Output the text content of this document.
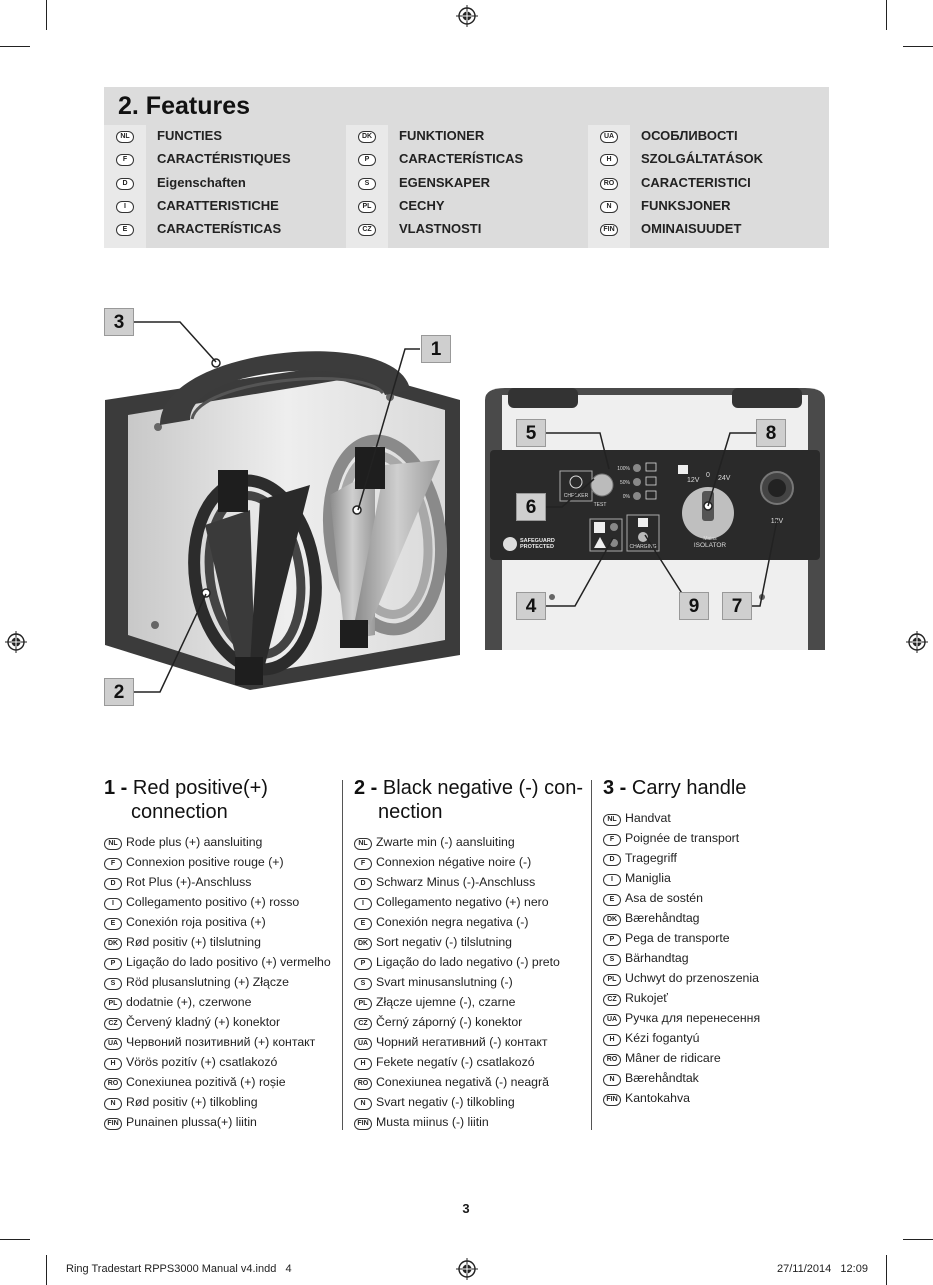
2. Features
NL	FUNCTIES
F	CARACTÉRISTIQUES
D	Eigenschaften
I	CARATTERISTICHE
E	CARACTERÍSTICAS
DK	FUNKTIONER
P	CARACTERÍSTICAS
S	EGENSKAPER
PL	CECHY
CZ	VLASTNOSTI
UA	ОСОБЛИВОСТІ
H	SZOLGÁLTATÁSOK
RO CARACTERISTICI
N	FUNKSJONER
FIN OMINAISUUDET
CHECKER
TEST
100%
50%
0%
SAFEGUARD
PROTECTED	CHARGING
12V
0 24V
Mains
ISOLATOR
12V
3
1
2
5	8
6
4	9	7
1 - Red positive(+)
connection
NL Rode plus (+) aansluiting
F Connexion positive rouge (+)
D Rot Plus (+)-Anschluss
I Collegamento positivo (+) rosso
E Conexión roja positiva (+)
DK Rød positiv (+) tilslutning
P Ligação do lado positivo (+) vermelho
S Röd plusanslutning (+) Złącze
PL dodatnie (+), czerwone
CZ Červený kladný (+) konektor
UA Червоний позитивний (+) контакт
H Vörös pozitív (+) csatlakozó
RO Conexiunea pozitivă (+) roșie
N Rød positiv (+) tilkobling
FIN Punainen plussa(+) liitin
2 - Black negative (-) con-
nection
NL Zwarte min (-) aansluiting
F Connexion négative noire (-)
D Schwarz Minus (-)-Anschluss
I Collegamento negativo (+) nero
E Conexión negra negativa (-)
DK Sort negativ (-) tilslutning
P Ligação do lado negativo (-) preto
S Svart minusanslutning (-)
PL Złącze ujemne (-), czarne
CZ Černý záporný (-) konektor
UA Чорний негативний (-) контакт
H Fekete negatív (-) csatlakozó
RO Conexiunea negativă (-) neagră
N Svart negativ (-) tilkobling
FIN Musta miinus (-) liitin
3 - Carry handle
NL Handvat
F Poignée de transport
D Tragegriff
I Maniglia
E Asa de sostén
DK Bærehåndtag
P Pega de transporte
S Bärhandtag
PL Uchwyt do przenoszenia
CZ Rukojeť
UA Ручка для перенесення
H Kézi fogantyú
RO Mâner de ridicare
N Bærehåndtak
FIN Kantokahva
3
Ring Tradestart RPPS3000 Manual v4.indd   4	27/11/2014   12:09
